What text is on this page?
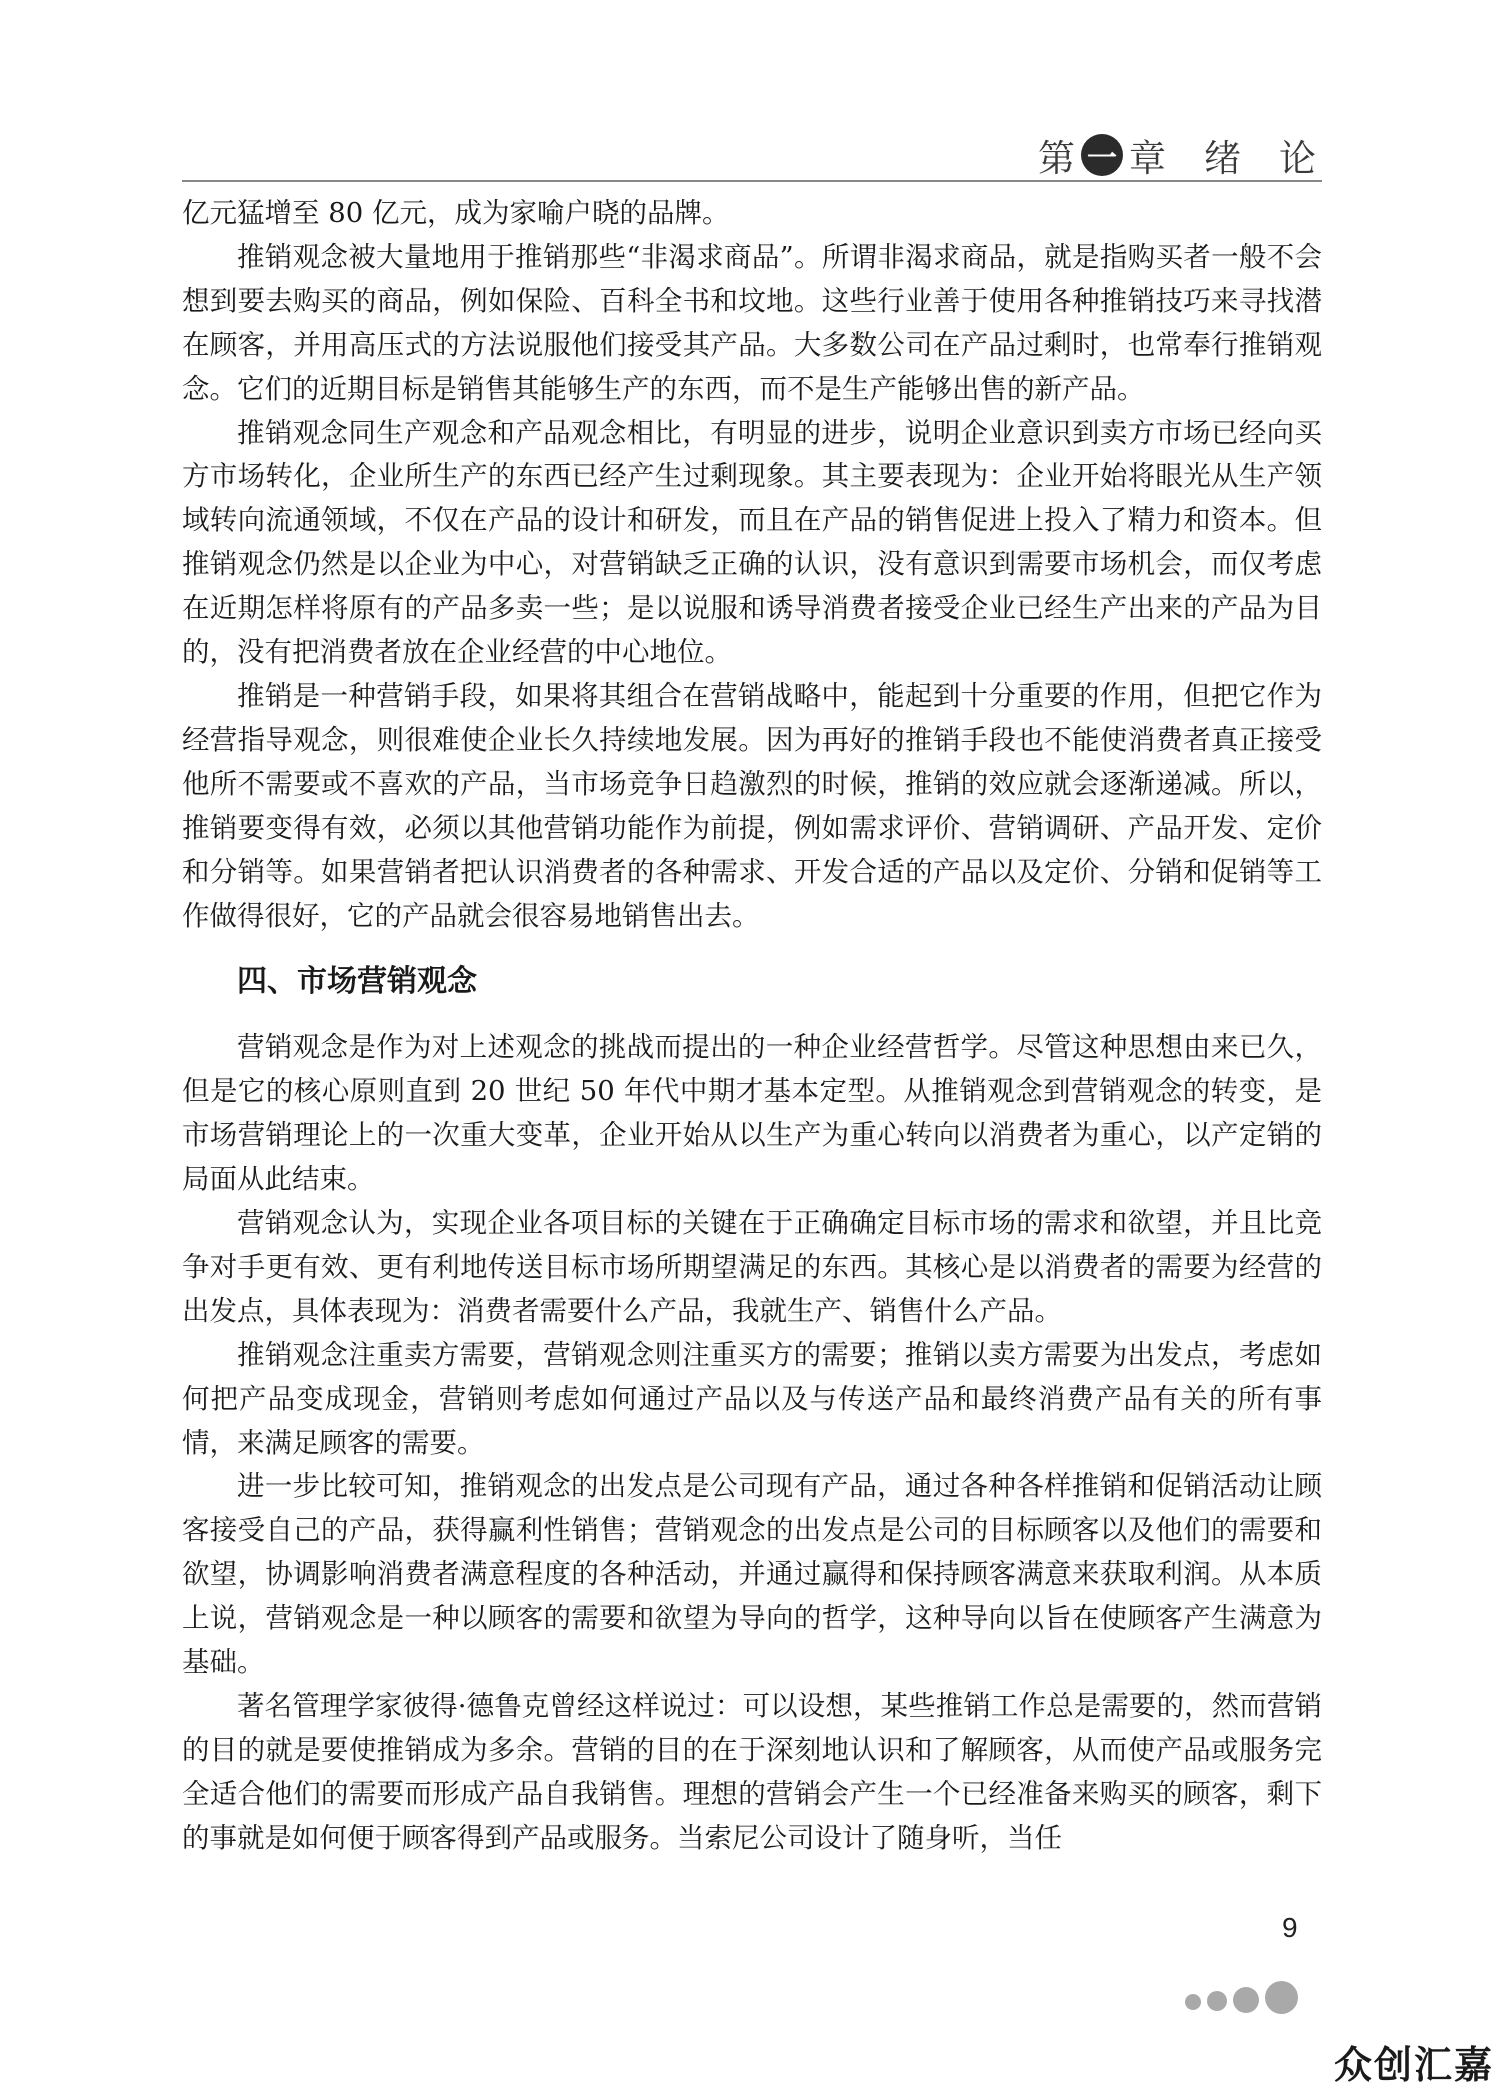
第 一 章 绪 论

亿元猛增至 80 亿元，成为家喻户晓的品牌。

推销观念被大量地用于推销那些“非渴求商品”。所谓非渴求商品，就是指购买者一般不会想到要去购买的商品，例如保险、百科全书和坟地。这些行业善于使用各种推销技巧来寻找潜在顾客，并用高压式的方法说服他们接受其产品。大多数公司在产品过剩时，也常奉行推销观念。它们的近期目标是销售其能够生产的东西，而不是生产能够出售的新产品。

推销观念同生产观念和产品观念相比，有明显的进步，说明企业意识到卖方市场已经向买方市场转化，企业所生产的东西已经产生过剩现象。其主要表现为：企业开始将眼光从生产领域转向流通领域，不仅在产品的设计和研发，而且在产品的销售促进上投入了精力和资本。但推销观念仍然是以企业为中心，对营销缺乏正确的认识，没有意识到需要市场机会，而仅考虑在近期怎样将原有的产品多卖一些；是以说服和诱导消费者接受企业已经生产出来的产品为目的，没有把消费者放在企业经营的中心地位。

推销是一种营销手段，如果将其组合在营销战略中，能起到十分重要的作用，但把它作为经营指导观念，则很难使企业长久持续地发展。因为再好的推销手段也不能使消费者真正接受他所不需要或不喜欢的产品，当市场竞争日趋激烈的时候，推销的效应就会逐渐递减。所以，推销要变得有效，必须以其他营销功能作为前提，例如需求评价、营销调研、产品开发、定价和分销等。如果营销者把认识消费者的各种需求、开发合适的产品以及定价、分销和促销等工作做得很好，它的产品就会很容易地销售出去。

四、市场营销观念

营销观念是作为对上述观念的挑战而提出的一种企业经营哲学。尽管这种思想由来已久，但是它的核心原则直到 20 世纪 50 年代中期才基本定型。从推销观念到营销观念的转变，是市场营销理论上的一次重大变革，企业开始从以生产为重心转向以消费者为重心，以产定销的局面从此结束。

营销观念认为，实现企业各项目标的关键在于正确确定目标市场的需求和欲望，并且比竞争对手更有效、更有利地传送目标市场所期望满足的东西。其核心是以消费者的需要为经营的出发点，具体表现为：消费者需要什么产品，我就生产、销售什么产品。

推销观念注重卖方需要，营销观念则注重买方的需要；推销以卖方需要为出发点，考虑如何把产品变成现金，营销则考虑如何通过产品以及与传送产品和最终消费产品有关的所有事情，来满足顾客的需要。

进一步比较可知，推销观念的出发点是公司现有产品，通过各种各样推销和促销活动让顾客接受自己的产品，获得赢利性销售；营销观念的出发点是公司的目标顾客以及他们的需要和欲望，协调影响消费者满意程度的各种活动，并通过赢得和保持顾客满意来获取利润。从本质上说，营销观念是一种以顾客的需要和欲望为导向的哲学，这种导向以旨在使顾客产生满意为基础。

著名管理学家彼得·德鲁克曾经这样说过：可以设想，某些推销工作总是需要的，然而营销的目的就是要使推销成为多余。营销的目的在于深刻地认识和了解顾客，从而使产品或服务完全适合他们的需要而形成产品自我销售。理想的营销会产生一个已经准备来购买的顾客，剩下的事就是如何便于顾客得到产品或服务。当索尼公司设计了随身听，当任

9
众创汇嘉
